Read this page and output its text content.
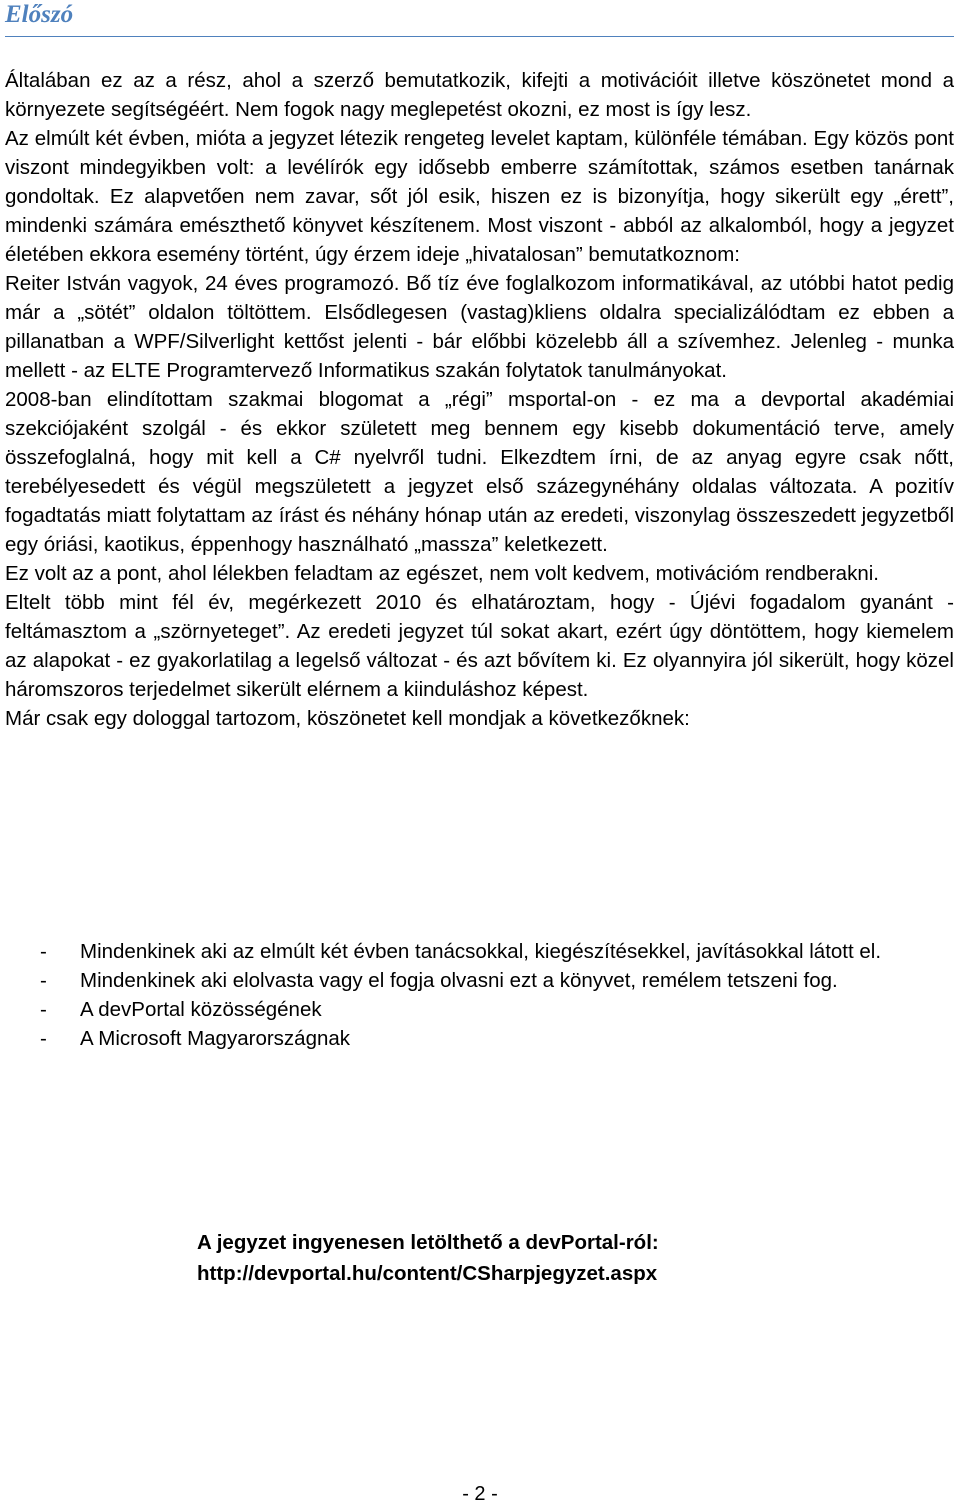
Előszó

Általában ez az a rész, ahol a szerző bemutatkozik, kifejti a motivációit illetve köszönetet mond a környezete segítségéért. Nem fogok nagy meglepetést okozni, ez most is így lesz.

Az elmúlt két évben, mióta a jegyzet létezik rengeteg levelet kaptam, különféle témában. Egy közös pont viszont mindegyikben volt: a levélírók egy idősebb emberre számítottak, számos esetben tanárnak gondoltak. Ez alapvetően nem zavar, sőt jól esik, hiszen ez is bizonyítja, hogy sikerült egy „érett”, mindenki számára emészthető könyvet készítenem. Most viszont - abból az alkalomból, hogy a jegyzet életében ekkora esemény történt, úgy érzem ideje „hivatalosan” bemutatkoznom:

Reiter István vagyok, 24 éves programozó. Bő tíz éve foglalkozom informatikával, az utóbbi hatot pedig már a „sötét” oldalon töltöttem. Elsődlegesen (vastag)kliens oldalra specializálódtam ez ebben a pillanatban a WPF/Silverlight kettőst jelenti - bár előbbi közelebb áll a szívemhez. Jelenleg - munka mellett - az ELTE Programtervező Informatikus szakán folytatok tanulmányokat.

2008-ban elindítottam szakmai blogomat a „régi” msportal-on - ez ma a devportal akadémiai szekciójaként szolgál - és ekkor született meg bennem egy kisebb dokumentáció terve, amely összefoglalná, hogy mit kell a C# nyelvről tudni. Elkezdtem írni, de az anyag egyre csak nőtt, terebélyesedett és végül megszületett a jegyzet első százegynéhány oldalas változata. A pozitív fogadtatás miatt folytattam az írást és néhány hónap után az eredeti, viszonylag összeszedett jegyzetből egy óriási, kaotikus, éppenhogy használható „massza” keletkezett.

Ez volt az a pont, ahol lélekben feladtam az egészet, nem volt kedvem, motivációm rendberakni.

Eltelt több mint fél év, megérkezett 2010 és elhatároztam, hogy - Újévi fogadalom gyanánt - feltámasztom a „szörnyeteget”. Az eredeti jegyzet túl sokat akart, ezért úgy döntöttem, hogy kiemelem az alapokat - ez gyakorlatilag a legelső változat - és azt bővítem ki. Ez olyannyira jól sikerült, hogy közel háromszoros terjedelmet sikerült elérnem a kiinduláshoz képest.

Már csak egy dologgal tartozom, köszönetet kell mondjak a következőknek:

- Mindenkinek aki az elmúlt két évben tanácsokkal, kiegészítésekkel, javításokkal látott el.
- Mindenkinek aki elolvasta vagy el fogja olvasni ezt a könyvet, remélem tetszeni fog.
- A devPortal közösségének
- A Microsoft Magyarországnak
A jegyzet ingyenesen letölthető a devPortal-ról:
http://devportal.hu/content/CSharpjegyzet.aspx
- 2 -
